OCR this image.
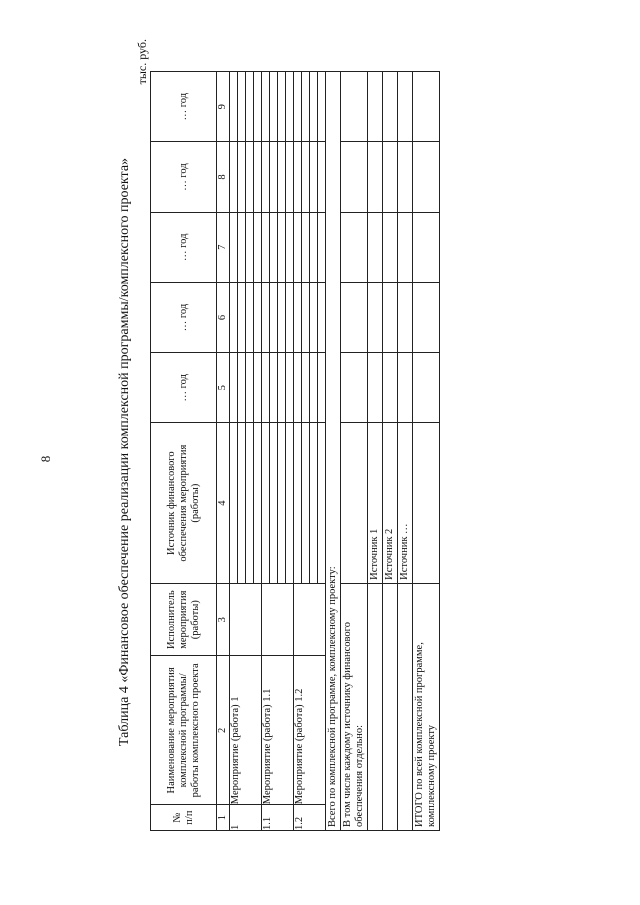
8	Таблица 4 «Финансовое обеспечение реализации комплексной программы/комплексного проекта»
тыс. руб.
№ п/п	Наименование мероприятия комплексной программы/работы комплексного проекта	Исполнитель мероприятия (работы)	Источник финансового обеспечения мероприятия (работы)	… год	… год	… год	… год	… год
1	2	3	4	5	6	7	8	9
1	Мероприятие (работа) 1							

1.1	Мероприятие (работа) 1.1							

1.2	Мероприятие (работа) 1.2							

Всего по комплексной программе, комплексному проекту:								
В том числе каждому источнику финансового обеспечения отдельно:								
			Источник 1					
			Источник 2					
			Источник …					
ИТОГО по всей комплексной программе, комплексному проекту								
